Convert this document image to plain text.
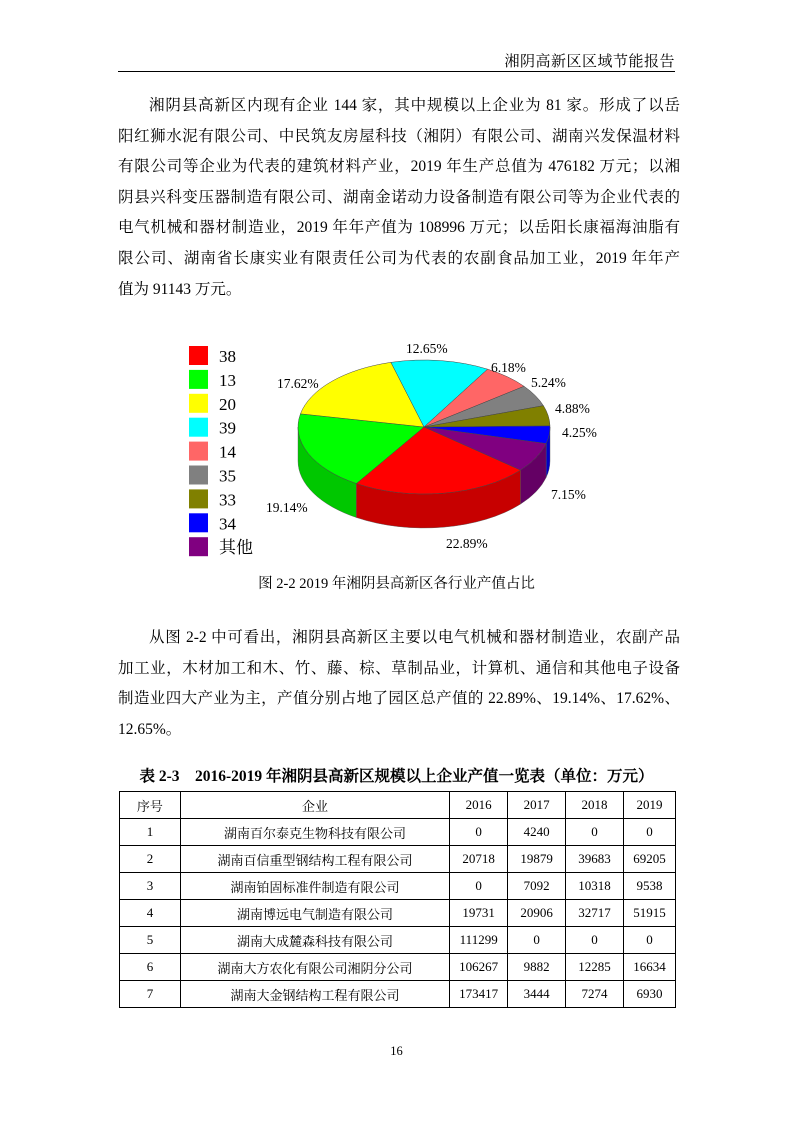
湘阴高新区区域节能报告
湘阴县高新区内现有企业 144 家，其中规模以上企业为 81 家。形成了以岳
阳红狮水泥有限公司、中民筑友房屋科技（湘阴）有限公司、湖南兴发保温材料
有限公司等企业为代表的建筑材料产业，2019 年生产总值为 476182 万元；以湘
阴县兴科变压器制造有限公司、湖南金诺动力设备制造有限公司等为企业代表的
电气机械和器材制造业，2019 年年产值为 108996 万元；以岳阳长康福海油脂有
限公司、湖南省长康实业有限责任公司为代表的农副食品加工业，2019 年年产
值为 91143 万元。
38
13
20
39
14
35
33
34
其他	22.89%
19.14%
17.62%
12.65%
6.18%
5.24%
4.88%
4.25%
7.15%
图 2-2 2019 年湘阴县高新区各行业产值占比
从图 2-2 中可看出，湘阴县高新区主要以电气机械和器材制造业，农副产品
加工业，木材加工和木、竹、藤、棕、草制品业，计算机、通信和其他电子设备
制造业四大产业为主，产值分别占地了园区总产值的 22.89%、19.14%、17.62%、
12.65%。
表 2-3    2016-2019 年湘阴县高新区规模以上企业产值一览表（单位：万元）
序号	企业	2016	2017	2018	2019
1	湖南百尔泰克生物科技有限公司	0	4240	0	0
2	湖南百信重型钢结构工程有限公司	20718	19879	39683	69205
3	湖南铂固标准件制造有限公司	0	7092	10318	9538
4	湖南博远电气制造有限公司	19731	20906	32717	51915
5	湖南大成麓森科技有限公司	111299	0	0	0
6	湖南大方农化有限公司湘阴分公司	106267	9882	12285	16634
7	湖南大金钢结构工程有限公司	173417	3444	7274	6930
16
